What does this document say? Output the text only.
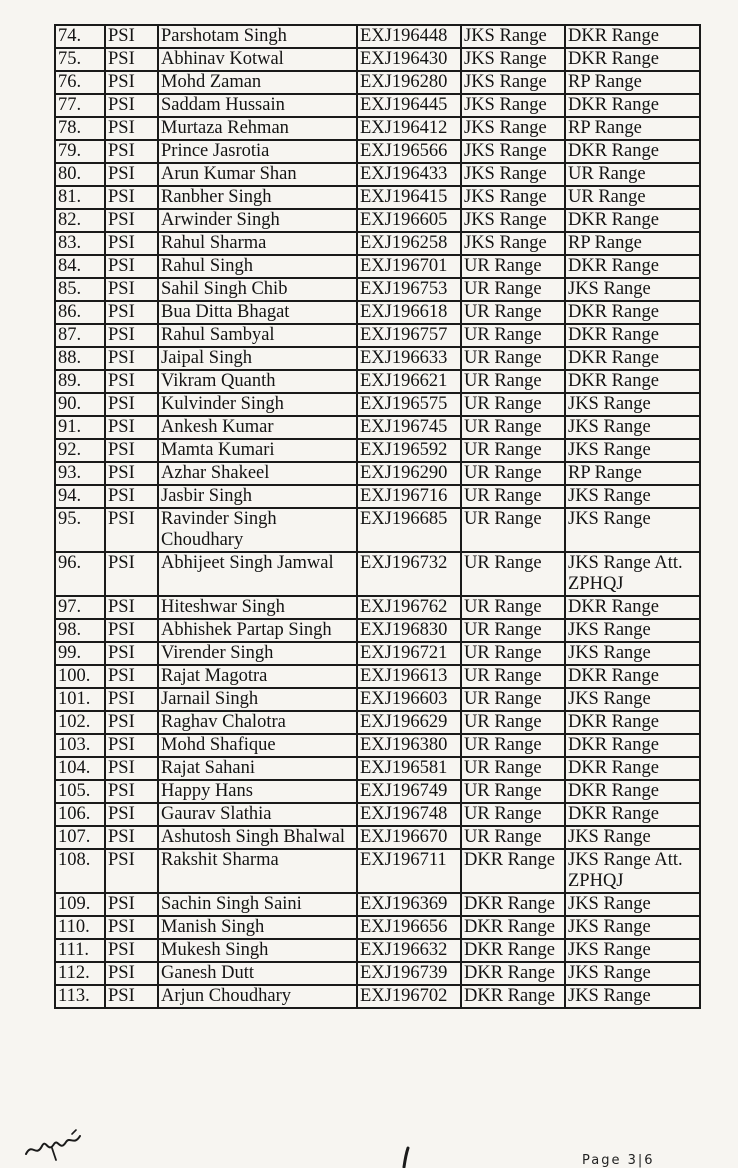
74.	PSI	Parshotam Singh	EXJ196448	JKS Range	DKR Range
75.	PSI	Abhinav Kotwal	EXJ196430	JKS Range	DKR Range
76.	PSI	Mohd Zaman	EXJ196280	JKS Range	RP Range
77.	PSI	Saddam Hussain	EXJ196445	JKS Range	DKR Range
78.	PSI	Murtaza Rehman	EXJ196412	JKS Range	RP Range
79.	PSI	Prince Jasrotia	EXJ196566	JKS Range	DKR Range
80.	PSI	Arun Kumar Shan	EXJ196433	JKS Range	UR Range
81.	PSI	Ranbher Singh	EXJ196415	JKS Range	UR Range
82.	PSI	Arwinder Singh	EXJ196605	JKS Range	DKR Range
83.	PSI	Rahul Sharma	EXJ196258	JKS Range	RP Range
84.	PSI	Rahul Singh	EXJ196701	UR Range	DKR Range
85.	PSI	Sahil Singh Chib	EXJ196753	UR Range	JKS Range
86.	PSI	Bua Ditta Bhagat	EXJ196618	UR Range	DKR Range
87.	PSI	Rahul Sambyal	EXJ196757	UR Range	DKR Range
88.	PSI	Jaipal Singh	EXJ196633	UR Range	DKR Range
89.	PSI	Vikram Quanth	EXJ196621	UR Range	DKR Range
90.	PSI	Kulvinder Singh	EXJ196575	UR Range	JKS Range
91.	PSI	Ankesh Kumar	EXJ196745	UR Range	JKS Range
92.	PSI	Mamta Kumari	EXJ196592	UR Range	JKS Range
93.	PSI	Azhar Shakeel	EXJ196290	UR Range	RP Range
94.	PSI	Jasbir Singh	EXJ196716	UR Range	JKS Range
95.	PSI	Ravinder Singh Choudhary	EXJ196685	UR Range	JKS Range
96.	PSI	Abhijeet Singh Jamwal	EXJ196732	UR Range	JKS Range Att. ZPHQJ
97.	PSI	Hiteshwar Singh	EXJ196762	UR Range	DKR Range
98.	PSI	Abhishek Partap Singh	EXJ196830	UR Range	JKS Range
99.	PSI	Virender Singh	EXJ196721	UR Range	JKS Range
100.	PSI	Rajat Magotra	EXJ196613	UR Range	DKR Range
101.	PSI	Jarnail Singh	EXJ196603	UR Range	JKS Range
102.	PSI	Raghav Chalotra	EXJ196629	UR Range	DKR Range
103.	PSI	Mohd Shafique	EXJ196380	UR Range	DKR Range
104.	PSI	Rajat Sahani	EXJ196581	UR Range	DKR Range
105.	PSI	Happy Hans	EXJ196749	UR Range	DKR Range
106.	PSI	Gaurav Slathia	EXJ196748	UR Range	DKR Range
107.	PSI	Ashutosh Singh Bhalwal	EXJ196670	UR Range	JKS Range
108.	PSI	Rakshit Sharma	EXJ196711	DKR Range	JKS Range Att. ZPHQJ
109.	PSI	Sachin Singh Saini	EXJ196369	DKR Range	JKS Range
110.	PSI	Manish Singh	EXJ196656	DKR Range	JKS Range
111.	PSI	Mukesh Singh	EXJ196632	DKR Range	JKS Range
112.	PSI	Ganesh Dutt	EXJ196739	DKR Range	JKS Range
113.	PSI	Arjun Choudhary	EXJ196702	DKR Range	JKS Range
Page 3|6
